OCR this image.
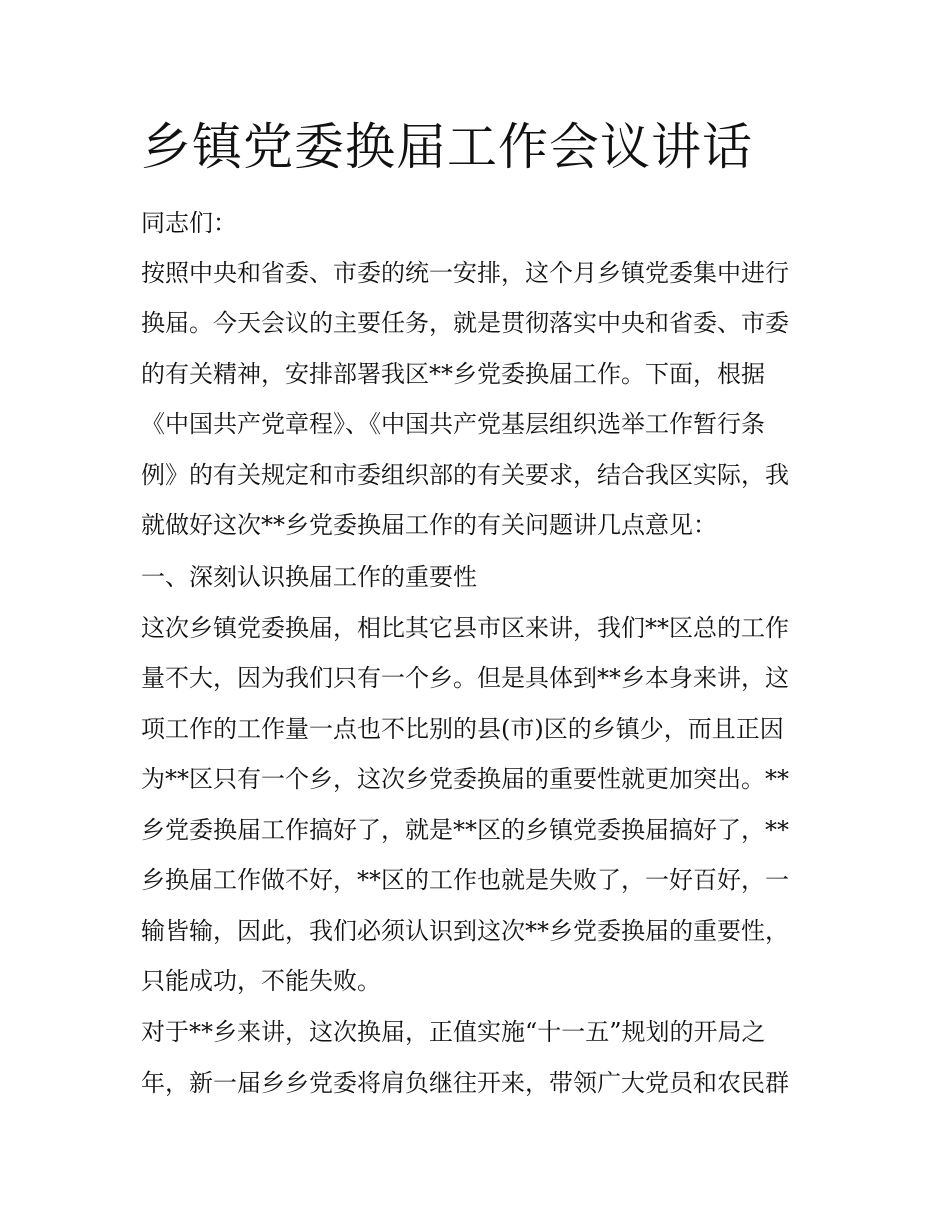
乡镇党委换届工作会议讲话

同志们：

按照中央和省委、市委的统一安排，这个月乡镇党委集中进行

换届。今天会议的主要任务，就是贯彻落实中央和省委、市委

的有关精神，安排部署我区**乡党委换届工作。下面，根据

《中国共产党章程》、《中国共产党基层组织选举工作暂行条

例》的有关规定和市委组织部的有关要求，结合我区实际，我

就做好这次**乡党委换届工作的有关问题讲几点意见：

一、深刻认识换届工作的重要性

这次乡镇党委换届，相比其它县市区来讲，我们**区总的工作

量不大，因为我们只有一个乡。但是具体到**乡本身来讲，这

项工作的工作量一点也不比别的县(市)区的乡镇少，而且正因

为**区只有一个乡，这次乡党委换届的重要性就更加突出。**

乡党委换届工作搞好了，就是**区的乡镇党委换届搞好了，**

乡换届工作做不好，**区的工作也就是失败了，一好百好，一

输皆输，因此，我们必须认识到这次**乡党委换届的重要性，

只能成功，不能失败。

对于**乡来讲，这次换届，正值实施“十一五”规划的开局之

年，新一届乡乡党委将肩负继往开来，带领广大党员和农民群
